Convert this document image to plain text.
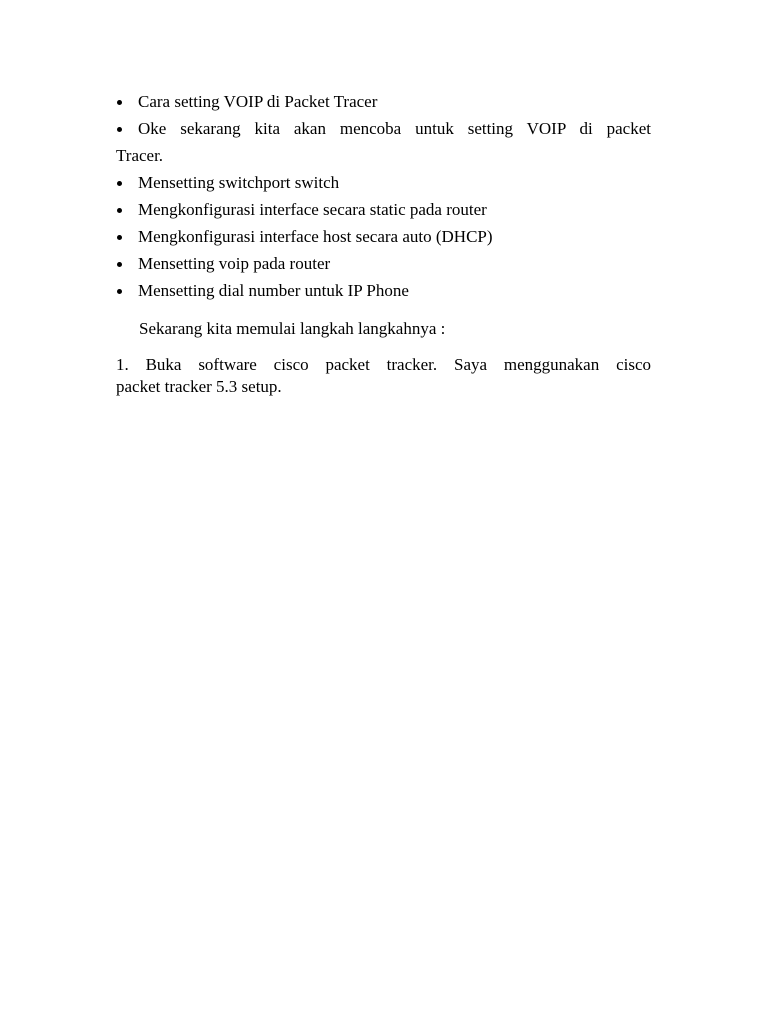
Cara setting VOIP di Packet Tracer
Oke sekarang kita akan mencoba untuk setting VOIP di packet
Tracer.
Mensetting switchport switch
Mengkonfigurasi interface secara static pada router
Mengkonfigurasi interface host secara auto (DHCP)
Mensetting voip pada router
Mensetting dial number untuk IP Phone

Sekarang kita memulai langkah langkahnya :

1. Buka software cisco packet tracker. Saya menggunakan cisco
packet tracker 5.3 setup.
